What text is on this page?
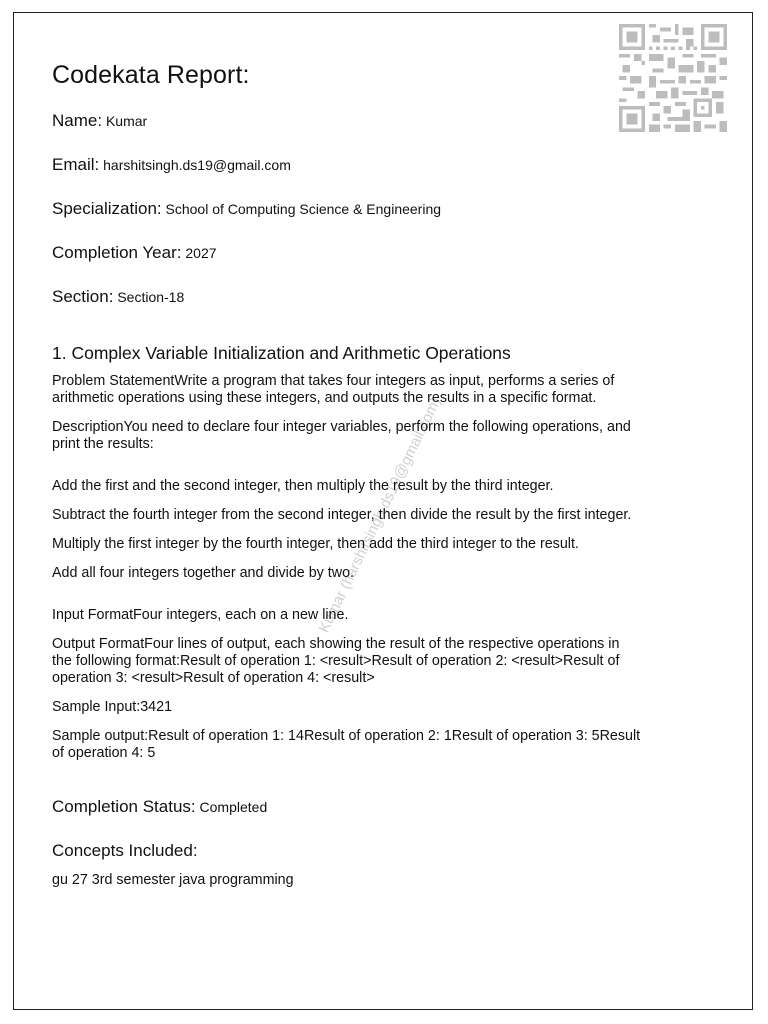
Kumar (harshitsingh.ds19@gmail.com)
Codekata Report:
Name: Kumar
Email: harshitsingh.ds19@gmail.com
Specialization: School of Computing Science & Engineering
Completion Year: 2027
Section: Section-18
1. Complex Variable Initialization and Arithmetic Operations

Problem StatementWrite a program that takes four integers as input, performs a series of arithmetic operations using these integers, and outputs the results in a specific format.

DescriptionYou need to declare four integer variables, perform the following operations, and print the results:

Add the first and the second integer, then multiply the result by the third integer.

Subtract the fourth integer from the second integer, then divide the result by the first integer.

Multiply the first integer by the fourth integer, then add the third integer to the result.

Add all four integers together and divide by two.

Input FormatFour integers, each on a new line.

Output FormatFour lines of output, each showing the result of the respective operations in the following format:Result of operation 1: <result>Result of operation 2: <result>Result of operation 3: <result>Result of operation 4: <result>

Sample Input:3421

Sample output:Result of operation 1: 14Result of operation 2: 1Result of operation 3: 5Result of operation 4: 5

Completion Status: Completed
Concepts Included:

gu 27 3rd semester java programming
